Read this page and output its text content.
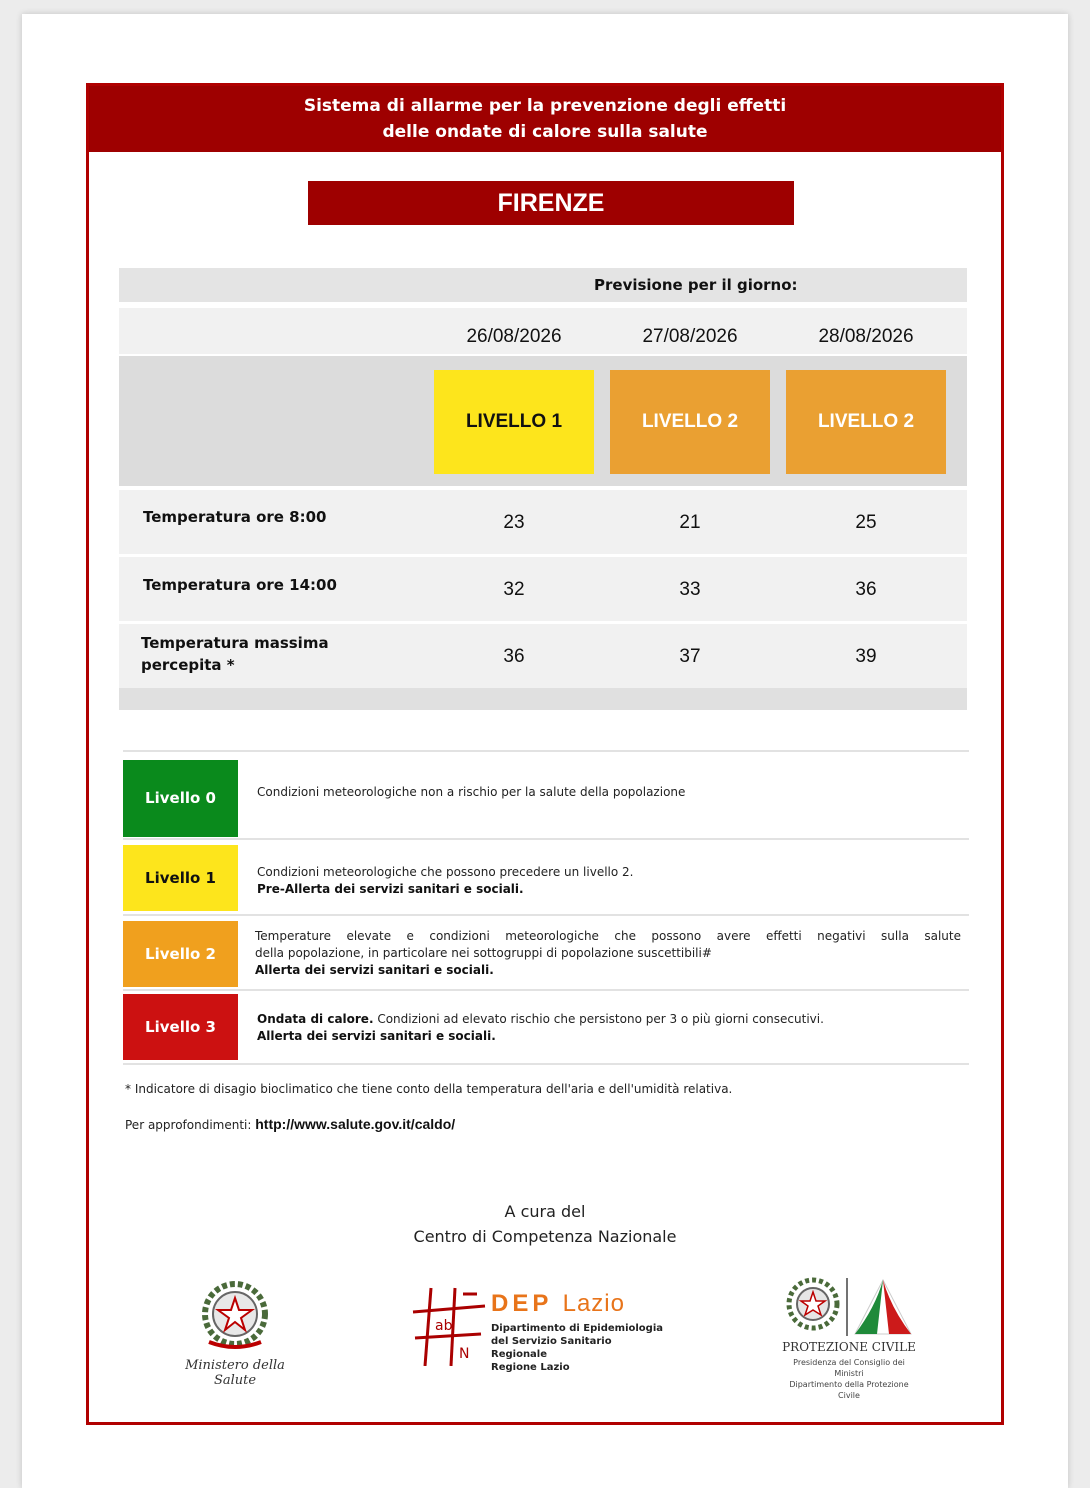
Sistema di allarme per la prevenzione degli effetti
delle ondate di calore sulla salute
FIRENZE
Previsione per il giorno:
26/08/2026	27/08/2026	28/08/2026
LIVELLO 1	LIVELLO 2	LIVELLO 2
Temperatura ore 8:00	23	21	25
Temperatura ore 14:00	32	33	36
Temperatura massima
percepita *	36	37	39
Livello 0	Condizioni meteorologiche non a rischio per la salute della popolazione
Livello 1	Condizioni meteorologiche che possono precedere un livello 2.
Pre-Allerta dei servizi sanitari e sociali.
Livello 2
Temperature elevate e condizioni meteorologiche che possono avere effetti negativi sulla salute
della popolazione, in particolare nei sottogruppi di popolazione suscettibili#
Allerta dei servizi sanitari e sociali.
Livello 3	Ondata di calore. Condizioni ad elevato rischio che persistono per 3 o più giorni consecutivi.
Allerta dei servizi sanitari e sociali.
* Indicatore di disagio bioclimatico che tiene conto della temperatura dell'aria e dell'umidità relativa.
Per approfondimenti: http://www.salute.gov.it/caldo/
A cura del
Centro di Competenza Nazionale
Ministero della Salute
ab
N
DEP Lazio
Dipartimento di Epidemiologia
del Servizio Sanitario Regionale
Regione Lazio
PROTEZIONE CIVILE
Presidenza del Consiglio dei Ministri
Dipartimento della Protezione Civile
